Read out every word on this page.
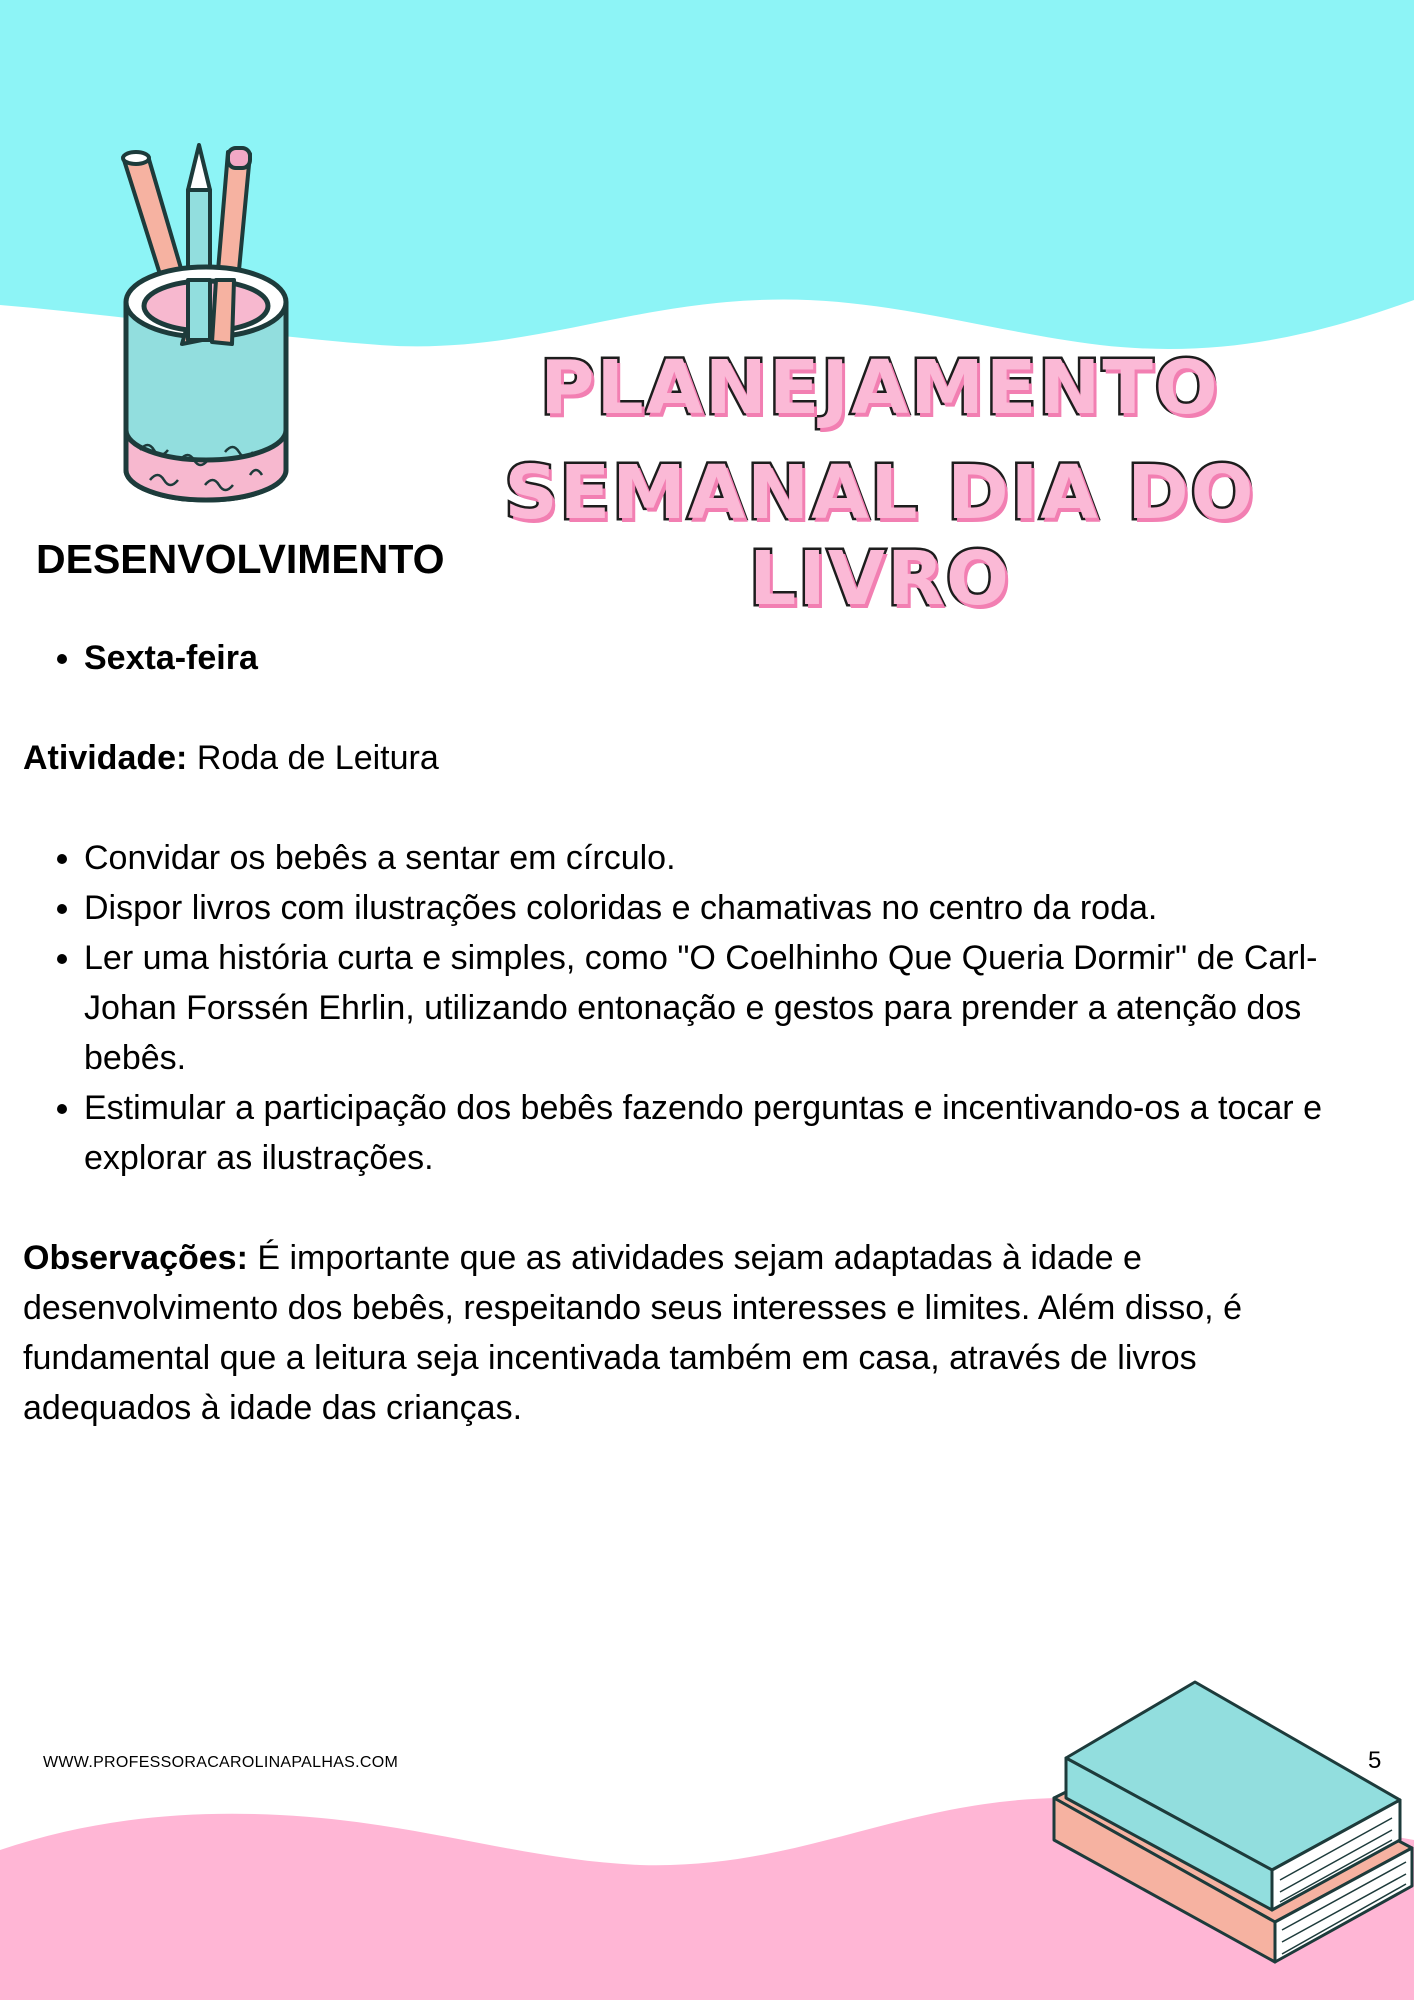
PLANEJAMENTO
SEMANAL DIA DO LIVRO
DESENVOLVIMENTO
• Sexta-feira
Atividade: Roda de Leitura
• Convidar os bebês a sentar em círculo.
• Dispor livros com ilustrações coloridas e chamativas no centro da roda.
• Ler uma história curta e simples, como "O Coelhinho Que Queria Dormir" de Carl-Johan Forssén Ehrlin, utilizando entonação e gestos para prender a atenção dos bebês.
• Estimular a participação dos bebês fazendo perguntas e incentivando-os a tocar e explorar as ilustrações.
Observações: É importante que as atividades sejam adaptadas à idade e desenvolvimento dos bebês, respeitando seus interesses e limites. Além disso, é fundamental que a leitura seja incentivada também em casa, através de livros adequados à idade das crianças.
WWW.PROFESSORACAROLINAPALHAS.COM	5
